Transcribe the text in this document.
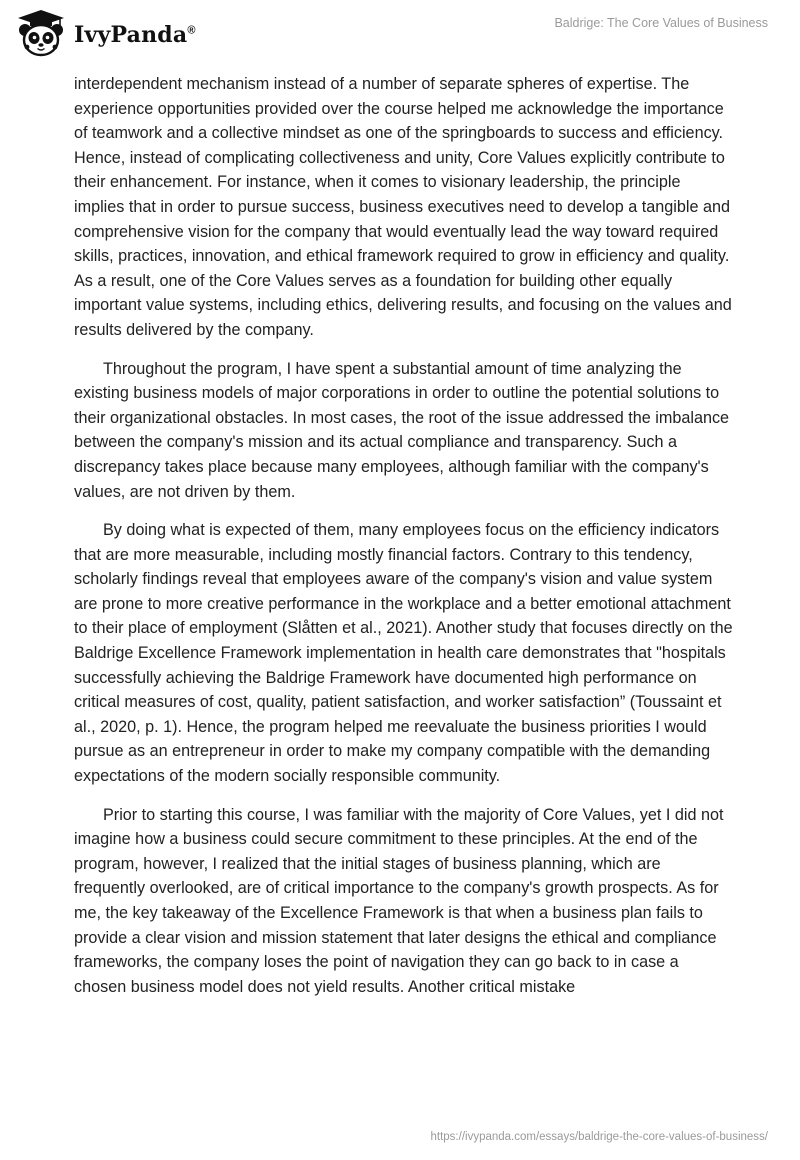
IvyPanda®
Baldrige: The Core Values of Business

interdependent mechanism instead of a number of separate spheres of expertise. The experience opportunities provided over the course helped me acknowledge the importance of teamwork and a collective mindset as one of the springboards to success and efficiency. Hence, instead of complicating collectiveness and unity, Core Values explicitly contribute to their enhancement. For instance, when it comes to visionary leadership, the principle implies that in order to pursue success, business executives need to develop a tangible and comprehensive vision for the company that would eventually lead the way toward required skills, practices, innovation, and ethical framework required to grow in efficiency and quality. As a result, one of the Core Values serves as a foundation for building other equally important value systems, including ethics, delivering results, and focusing on the values and results delivered by the company.

Throughout the program, I have spent a substantial amount of time analyzing the existing business models of major corporations in order to outline the potential solutions to their organizational obstacles. In most cases, the root of the issue addressed the imbalance between the company's mission and its actual compliance and transparency. Such a discrepancy takes place because many employees, although familiar with the company's values, are not driven by them.

By doing what is expected of them, many employees focus on the efficiency indicators that are more measurable, including mostly financial factors. Contrary to this tendency, scholarly findings reveal that employees aware of the company's vision and value system are prone to more creative performance in the workplace and a better emotional attachment to their place of employment (Slåtten et al., 2021). Another study that focuses directly on the Baldrige Excellence Framework implementation in health care demonstrates that "hospitals successfully achieving the Baldrige Framework have documented high performance on critical measures of cost, quality, patient satisfaction, and worker satisfaction” (Toussaint et al., 2020, p. 1). Hence, the program helped me reevaluate the business priorities I would pursue as an entrepreneur in order to make my company compatible with the demanding expectations of the modern socially responsible community.

Prior to starting this course, I was familiar with the majority of Core Values, yet I did not imagine how a business could secure commitment to these principles. At the end of the program, however, I realized that the initial stages of business planning, which are frequently overlooked, are of critical importance to the company's growth prospects. As for me, the key takeaway of the Excellence Framework is that when a business plan fails to provide a clear vision and mission statement that later designs the ethical and compliance frameworks, the company loses the point of navigation they can go back to in case a chosen business model does not yield results. Another critical mistake

https://ivypanda.com/essays/baldrige-the-core-values-of-business/
